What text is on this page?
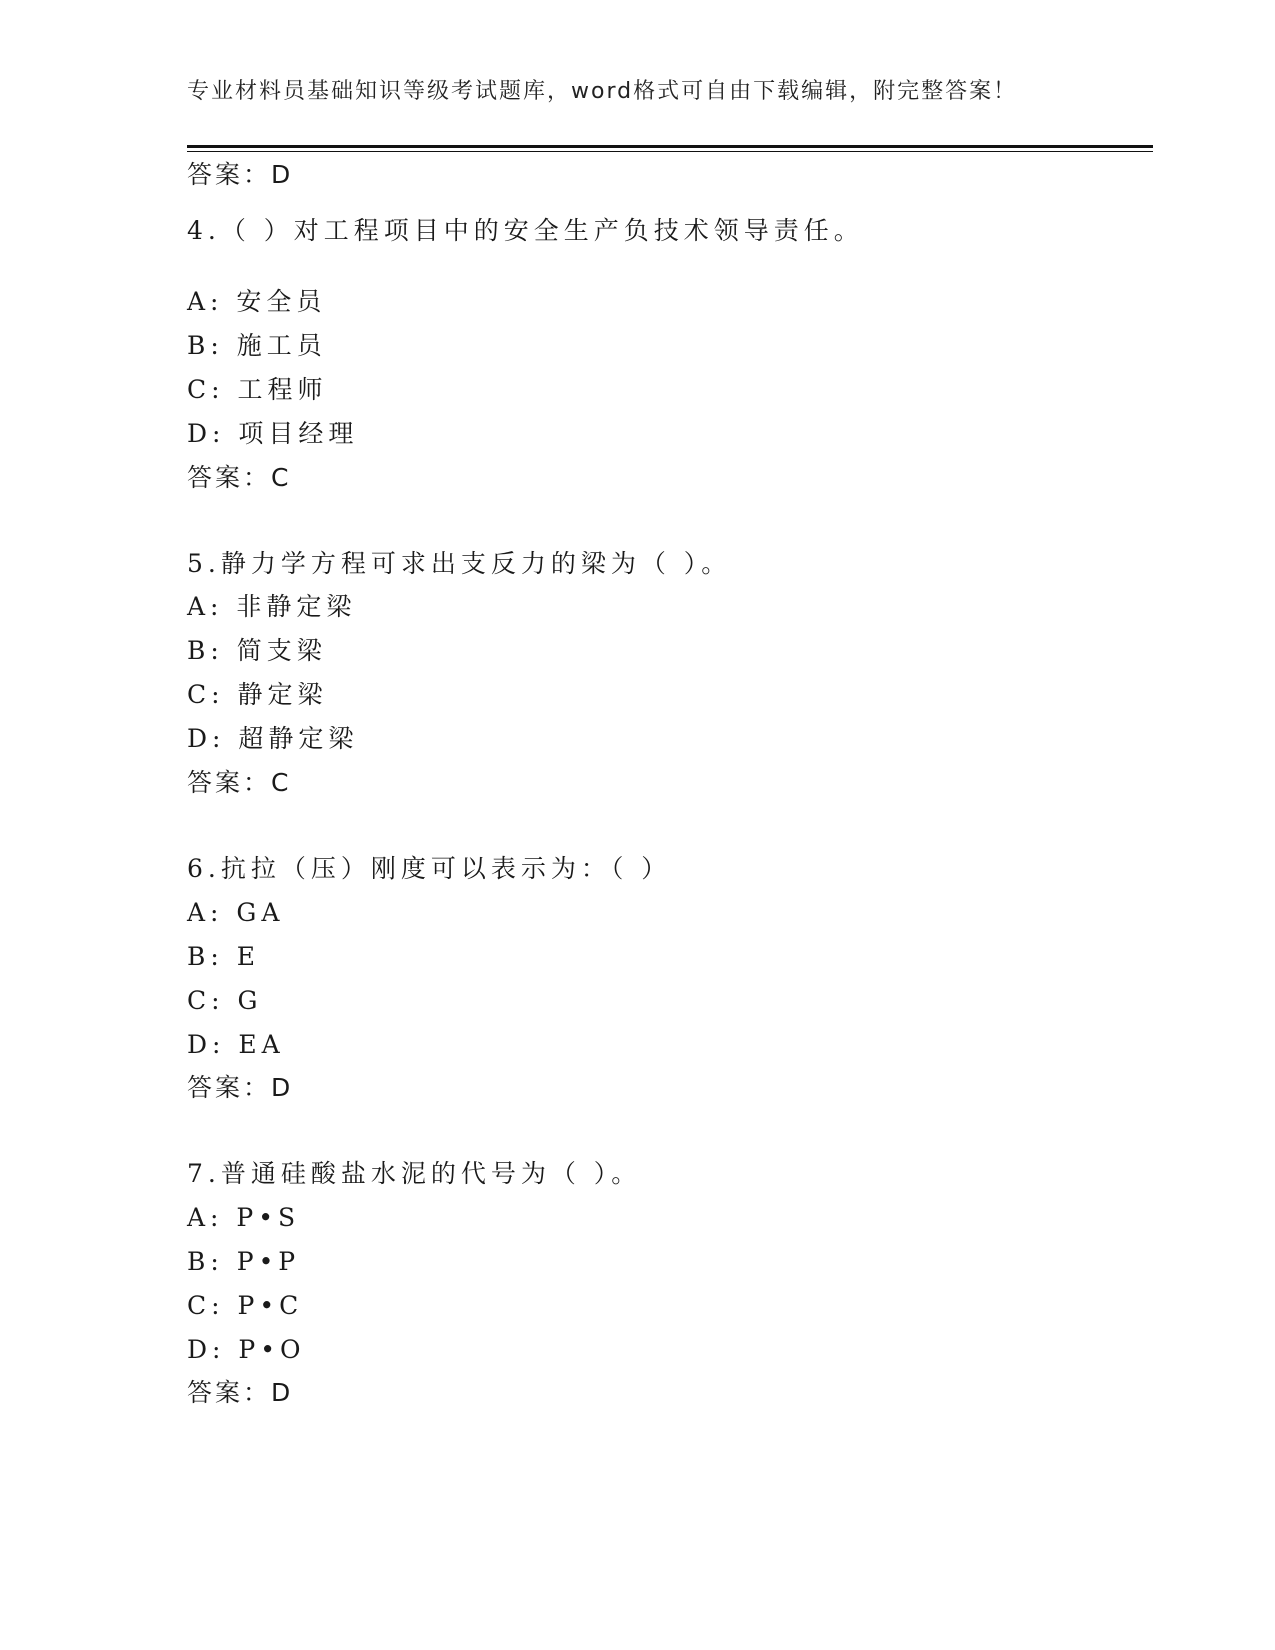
专业材料员基础知识等级考试题库，word格式可自由下载编辑，附完整答案！
答案：D
4.（ ）对工程项目中的安全生产负技术领导责任。
A: 安全员
B: 施工员
C: 工程师
D: 项目经理
答案：C
5.静力学方程可求出支反力的梁为（ ）。
A: 非静定梁
B: 简支梁
C: 静定梁
D: 超静定梁
答案：C
6.抗拉（压）刚度可以表示为：（ ）
A: GA
B: E
C: G
D: EA
答案：D
7.普通硅酸盐水泥的代号为（ ）。
A: P•S
B: P•P
C: P•C
D: P•O
答案：D
